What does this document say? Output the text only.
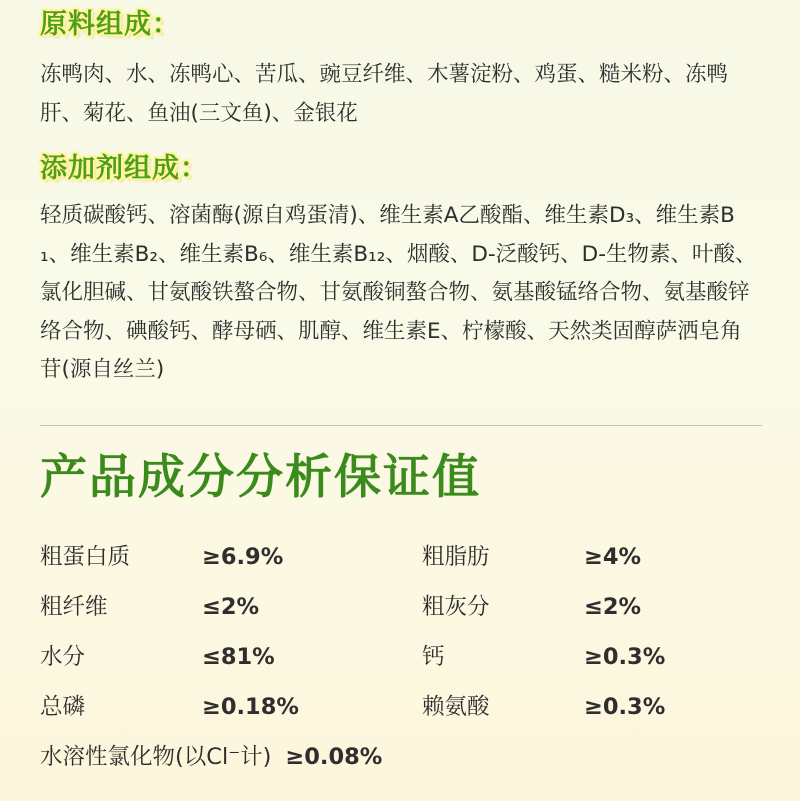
原料组成：

冻鸭肉、水、冻鸭心、苦瓜、豌豆纤维、木薯淀粉、鸡蛋、糙米粉、冻鸭肝、菊花、鱼油(三文鱼)、金银花

添加剂组成：

轻质碳酸钙、溶菌酶(源自鸡蛋清)、维生素A乙酸酯、维生素D₃、维生素B₁、维生素B₂、维生素B₆、维生素B₁₂、烟酸、D-泛酸钙、D-生物素、叶酸、氯化胆碱、甘氨酸铁螯合物、甘氨酸铜螯合物、氨基酸锰络合物、氨基酸锌络合物、碘酸钙、酵母硒、肌醇、维生素E、柠檬酸、天然类固醇萨洒皂角苷(源自丝兰)

产品成分分析保证值
粗蛋白质	≥6.9%	粗脂肪	≥4%
粗纤维	≤2%	粗灰分	≤2%
水分	≤81%	钙	≥0.3%
总磷	≥0.18%	赖氨酸	≥0.3%
水溶性氯化物(以Cl⁻计) ≥0.08%
